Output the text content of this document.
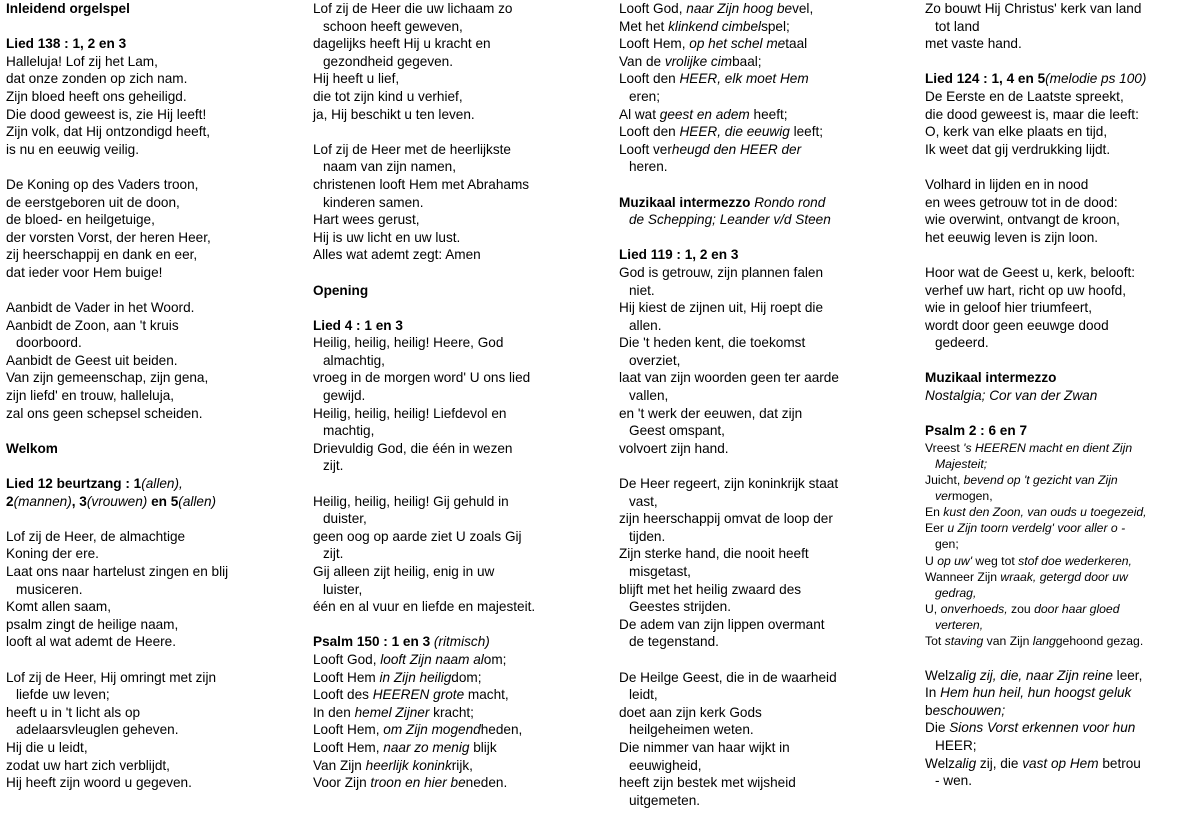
Inleidend orgelspel
Lied 138 : 1, 2 en 3
Halleluja! Lof zij het Lam,
dat onze zonden op zich nam.
Zijn bloed heeft ons geheiligd.
Die dood geweest is, zie Hij leeft!
Zijn volk, dat Hij ontzondigd heeft,
is nu en eeuwig veilig.
De Koning op des Vaders troon,
de eerstgeboren uit de doon,
de bloed- en heilgetuige,
der vorsten Vorst, der heren Heer,
zij heerschappij en dank en eer,
dat ieder voor Hem buige!
Aanbidt de Vader in het Woord.
Aanbidt de Zoon, aan 't kruis
doorboord.
Aanbidt de Geest uit beiden.
Van zijn gemeenschap, zijn gena,
zijn liefd' en trouw, halleluja,
zal ons geen schepsel scheiden.
Welkom
Lied 12 beurtzang : 1(allen),
2(mannen), 3(vrouwen) en 5(allen)
Lof zij de Heer, de almachtige
Koning der ere.
Laat ons naar hartelust zingen en blij
musiceren.
Komt allen saam,
psalm zingt de heilige naam,
looft al wat ademt de Heere.
Lof zij de Heer, Hij omringt met zijn
liefde uw leven;
heeft u in 't licht als op
adelaarsvleuglen geheven.
Hij die u leidt,
zodat uw hart zich verblijdt,
Hij heeft zijn woord u gegeven.
Lof zij de Heer die uw lichaam zo
schoon heeft geweven,
dagelijks heeft Hij u kracht en
gezondheid gegeven.
Hij heeft u lief,
die tot zijn kind u verhief,
ja, Hij beschikt u ten leven.
Lof zij de Heer met de heerlijkste
naam van zijn namen,
christenen looft Hem met Abrahams
kinderen samen.
Hart wees gerust,
Hij is uw licht en uw lust.
Alles wat ademt zegt: Amen
Opening
Lied 4 : 1 en 3
Heilig, heilig, heilig! Heere, God
almachtig,
vroeg in de morgen word' U ons lied
gewijd.
Heilig, heilig, heilig! Liefdevol en
machtig,
Drievuldig God, die één in wezen
zijt.
Heilig, heilig, heilig! Gij gehuld in
duister,
geen oog op aarde ziet U zoals Gij
zijt.
Gij alleen zijt heilig, enig in uw
luister,
één en al vuur en liefde en majesteit.
Psalm 150 : 1 en 3 (ritmisch)
Looft God, looft Zijn naam alom;
Looft Hem in Zijn heiligdom;
Looft des HEEREN grote macht,
In den hemel Zijner kracht;
Looft Hem, om Zijn mogendheden,
Looft Hem, naar zo menig blijk
Van Zijn heerlijk koninkrijk,
Voor Zijn troon en hier beneden.
Looft God, naar Zijn hoog bevel,
Met het klinkend cimbelspel;
Looft Hem, op het schel metaal
Van de vrolijke cimbaal;
Looft den HEER, elk moet Hem
eren;
Al wat geest en adem heeft;
Looft den HEER, die eeuwig leeft;
Looft verheugd den HEER der
heren.
Muzikaal intermezzo Rondo rond
de Schepping; Leander v/d Steen
Lied 119 : 1, 2 en 3
God is getrouw, zijn plannen falen
niet.
Hij kiest de zijnen uit, Hij roept die
allen.
Die 't heden kent, die toekomst
overziet,
laat van zijn woorden geen ter aarde
vallen,
en 't werk der eeuwen, dat zijn
Geest omspant,
volvoert zijn hand.
De Heer regeert, zijn koninkrijk staat
vast,
zijn heerschappij omvat de loop der
tijden.
Zijn sterke hand, die nooit heeft
misgetast,
blijft met het heilig zwaard des
Geestes strijden.
De adem van zijn lippen overmant
de tegenstand.
De Heilge Geest, die in de waarheid
leidt,
doet aan zijn kerk Gods
heilgeheimen weten.
Die nimmer van haar wijkt in
eeuwigheid,
heeft zijn bestek met wijsheid
uitgemeten.
Zo bouwt Hij Christus' kerk van land
tot land
met vaste hand.
Lied 124 : 1, 4 en 5(melodie ps 100)
De Eerste en de Laatste spreekt,
die dood geweest is, maar die leeft:
O, kerk van elke plaats en tijd,
Ik weet dat gij verdrukking lijdt.
Volhard in lijden en in nood
en wees getrouw tot in de dood:
wie overwint, ontvangt de kroon,
het eeuwig leven is zijn loon.
Hoor wat de Geest u, kerk, belooft:
verhef uw hart, richt op uw hoofd,
wie in geloof hier triumfeert,
wordt door geen eeuwge dood
gedeerd.
Muzikaal intermezzo
Nostalgia; Cor van der Zwan
Psalm 2 : 6 en 7
Vreest 's HEEREN macht en dient Zijn
Majesteit;
Juicht, bevend op 't gezicht van Zijn
vermogen,
En kust den Zoon, van ouds u toegezeid,
Eer u Zijn toorn verdelg' voor aller o -
gen;
U op uw' weg tot stof doe wederkeren,
Wanneer Zijn wraak, getergd door uw
gedrag,
U, onverhoeds, zou door haar gloed
verteren,
Tot staving van Zijn langgehoond gezag.
Welzalig zij, die, naar Zijn reine leer,
In Hem hun heil, hun hoogst geluk
beschouwen;
Die Sions Vorst erkennen voor hun
HEER;
Welzalig zij, die vast op Hem betrou
- wen.
